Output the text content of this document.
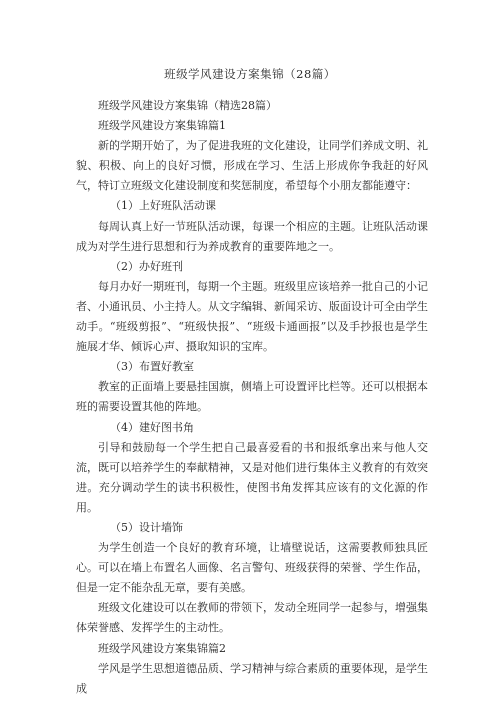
班级学风建设方案集锦（28篇）

班级学风建设方案集锦（精选28篇）

班级学风建设方案集锦篇1

新的学期开始了，为了促进我班的文化建设，让同学们养成文明、礼貌、积极、向上的良好习惯，形成在学习、生活上形成你争我赶的好风气，特订立班级文化建设制度和奖惩制度，希望每个小朋友都能遵守：

（1）上好班队活动课

每周认真上好一节班队活动课，每课一个相应的主题。让班队活动课成为对学生进行思想和行为养成教育的重要阵地之一。

（2）办好班刊

每月办好一期班刊，每期一个主题。班级里应该培养一批自己的小记者、小通讯员、小主持人。从文字编辑、新闻采访、版面设计可全由学生动手。“班级剪报”、“班级快报”、“班级卡通画报”以及手抄报也是学生施展才华、倾诉心声、摄取知识的宝库。

（3）布置好教室

教室的正面墙上要悬挂国旗，侧墙上可设置评比栏等。还可以根据本班的需要设置其他的阵地。

（4）建好图书角

引导和鼓励每一个学生把自己最喜爱看的书和报纸拿出来与他人交流，既可以培养学生的奉献精神，又是对他们进行集体主义教育的有效突进。充分调动学生的读书积极性，使图书角发挥其应该有的文化源的作用。

（5）设计墙饰

为学生创造一个良好的教育环境，让墙壁说话，这需要教师独具匠心。可以在墙上布置名人画像、名言警句、班级获得的荣誉、学生作品，但是一定不能杂乱无章，要有美感。

班级文化建设可以在教师的带领下，发动全班同学一起参与，增强集体荣誉感、发挥学生的主动性。

班级学风建设方案集锦篇2

学风是学生思想道德品质、学习精神与综合素质的重要体现，是学生成
